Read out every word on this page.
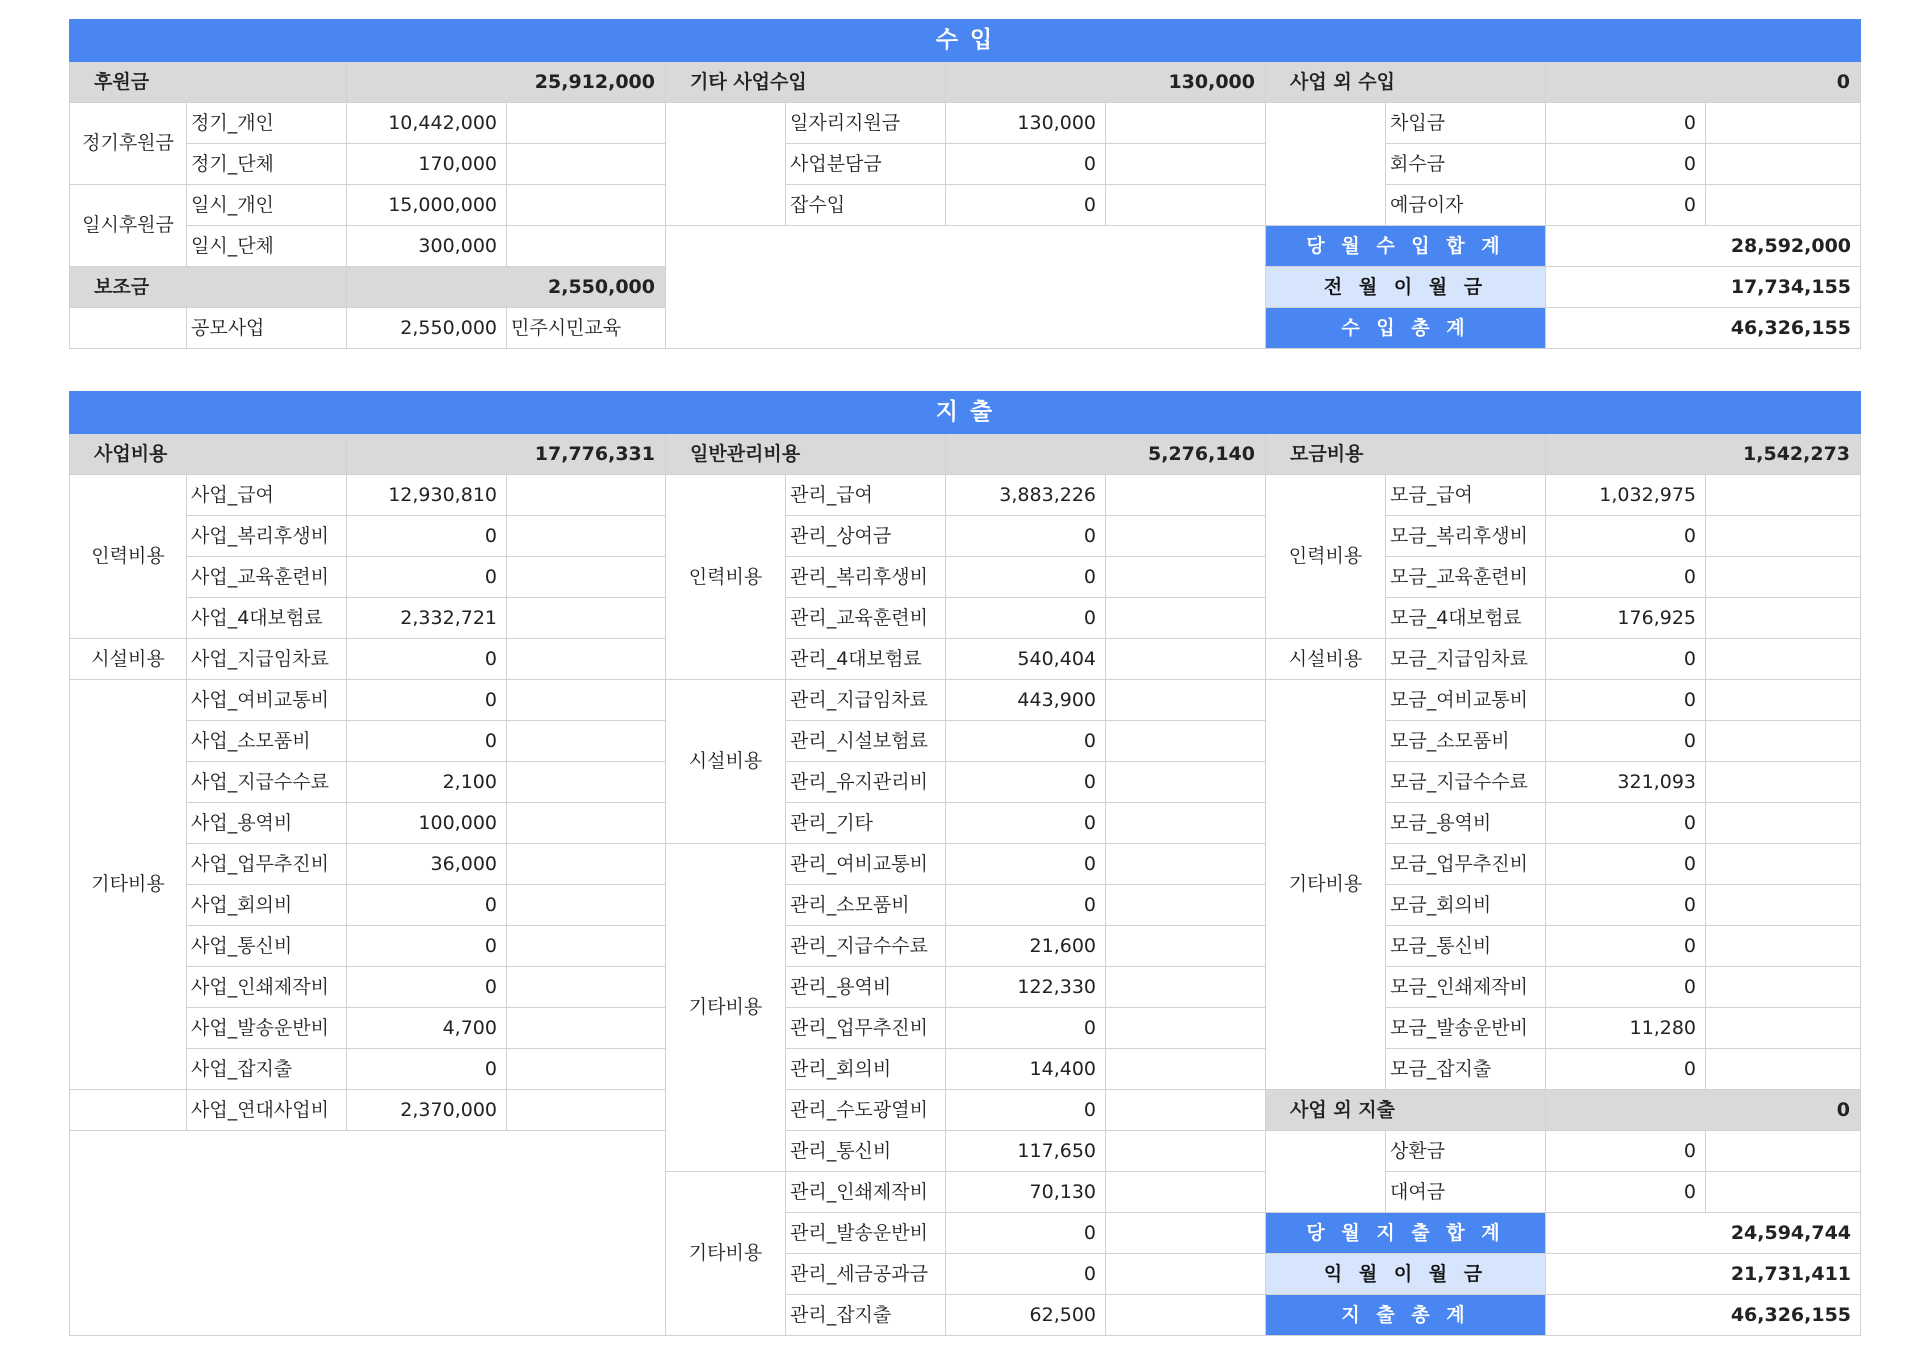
수 입											
후원금		25,912,000		기타 사업수입		130,000		사업 외 수입		0	
정기후원금	정기_개인	10,442,000			일자리지원금	130,000			차입금	0	
	정기_단체	170,000			사업분담금	0			회수금	0	
일시후원금	일시_개인	15,000,000			잡수입	0			예금이자	0	
	일시_단체	300,000						당 월 수 입 합 계		28,592,000	
보조금		2,550,000						전 월 이 월 금		17,734,155	
	공모사업	2,550,000	민주시민교육					수 입 총 계		46,326,155	
지 출											
사업비용		17,776,331		일반관리비용		5,276,140		모금비용		1,542,273	
인력비용	사업_급여	12,930,810		인력비용	관리_급여	3,883,226		인력비용	모금_급여	1,032,975	
	사업_복리후생비	0			관리_상여금	0			모금_복리후생비	0	
	사업_교육훈련비	0			관리_복리후생비	0			모금_교육훈련비	0	
	사업_4대보험료	2,332,721			관리_교육훈련비	0			모금_4대보험료	176,925	
시설비용	사업_지급임차료	0			관리_4대보험료	540,404		시설비용	모금_지급임차료	0	
기타비용	사업_여비교통비	0		시설비용	관리_지급임차료	443,900		기타비용	모금_여비교통비	0	
	사업_소모품비	0			관리_시설보험료	0			모금_소모품비	0	
	사업_지급수수료	2,100			관리_유지관리비	0			모금_지급수수료	321,093	
	사업_용역비	100,000			관리_기타	0			모금_용역비	0	
	사업_업무추진비	36,000		기타비용	관리_여비교통비	0			모금_업무추진비	0	
	사업_회의비	0			관리_소모품비	0			모금_회의비	0	
	사업_통신비	0			관리_지급수수료	21,600			모금_통신비	0	
	사업_인쇄제작비	0			관리_용역비	122,330			모금_인쇄제작비	0	
	사업_발송운반비	4,700			관리_업무추진비	0			모금_발송운반비	11,280	
	사업_잡지출	0			관리_회의비	14,400			모금_잡지출	0	
	사업_연대사업비	2,370,000			관리_수도광열비	0		사업 외 지출		0	
					관리_통신비	117,650			상환금	0	
				기타비용	관리_인쇄제작비	70,130			대여금	0	
					관리_발송운반비	0		당 월 지 출 합 계		24,594,744	
					관리_세금공과금	0		익 월 이 월 금		21,731,411	
					관리_잡지출	62,500		지 출 총 계		46,326,155	
